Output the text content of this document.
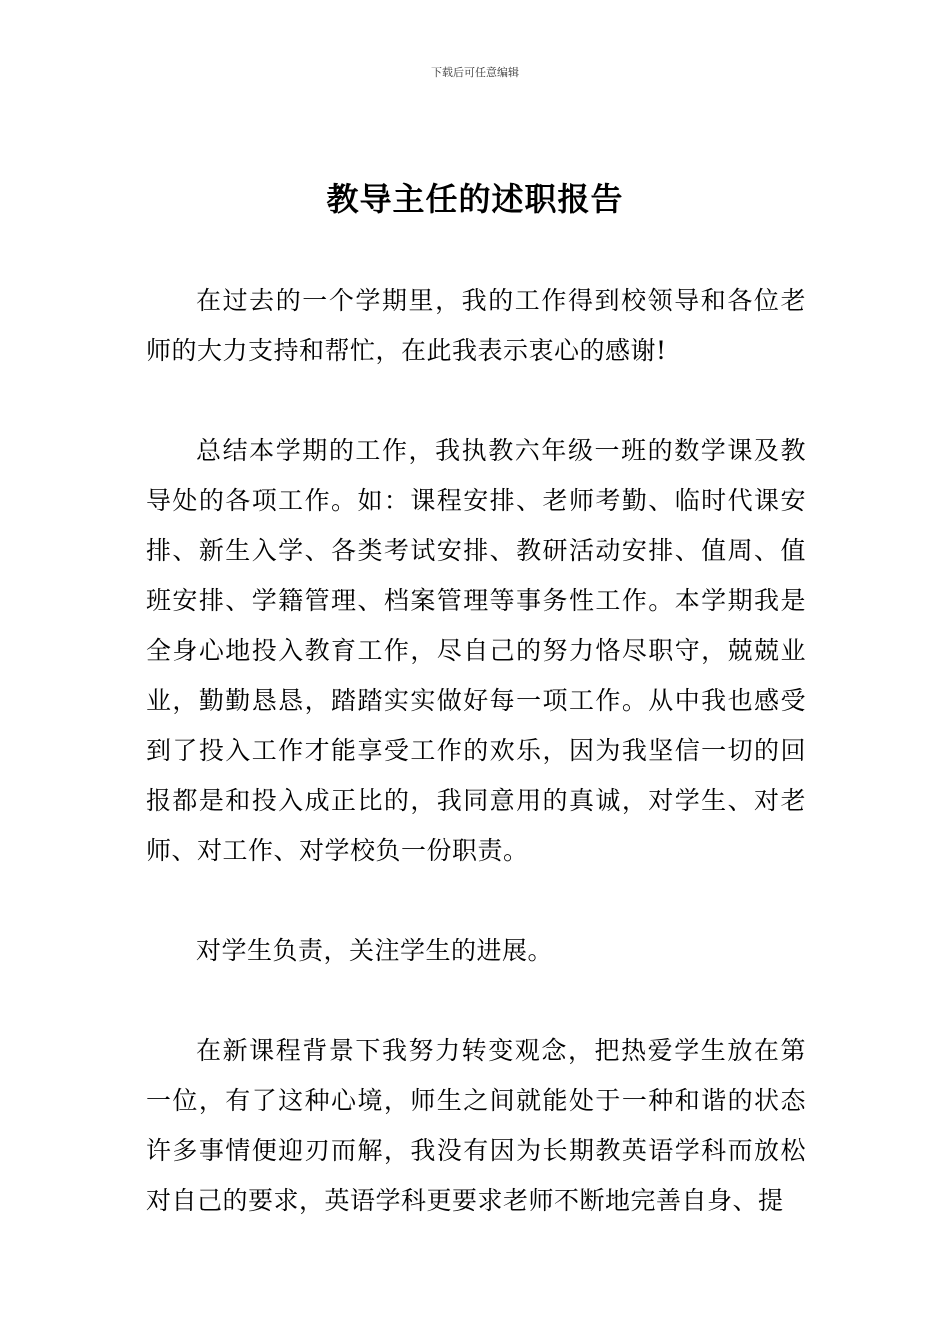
下载后可任意编辑
教导主任的述职报告

在过去的一个学期里，我的工作得到校领导和各位老师的大力支持和帮忙，在此我表示衷心的感谢!

总结本学期的工作，我执教六年级一班的数学课及教导处的各项工作。如：课程安排、老师考勤、临时代课安排、新生入学、各类考试安排、教研活动安排、值周、值班安排、学籍管理、档案管理等事务性工作。本学期我是全身心地投入教育工作，尽自己的努力恪尽职守，兢兢业业，勤勤恳恳，踏踏实实做好每一项工作。从中我也感受到了投入工作才能享受工作的欢乐，因为我坚信一切的回报都是和投入成正比的，我同意用的真诚，对学生、对老师、对工作、对学校负一份职责。

对学生负责，关注学生的进展。

在新课程背景下我努力转变观念，把热爱学生放在第一位，有了这种心境，师生之间就能处于一种和谐的状态许多事情便迎刃而解，我没有因为长期教英语学科而放松对自己的要求，英语学科更要求老师不断地完善自身、提
